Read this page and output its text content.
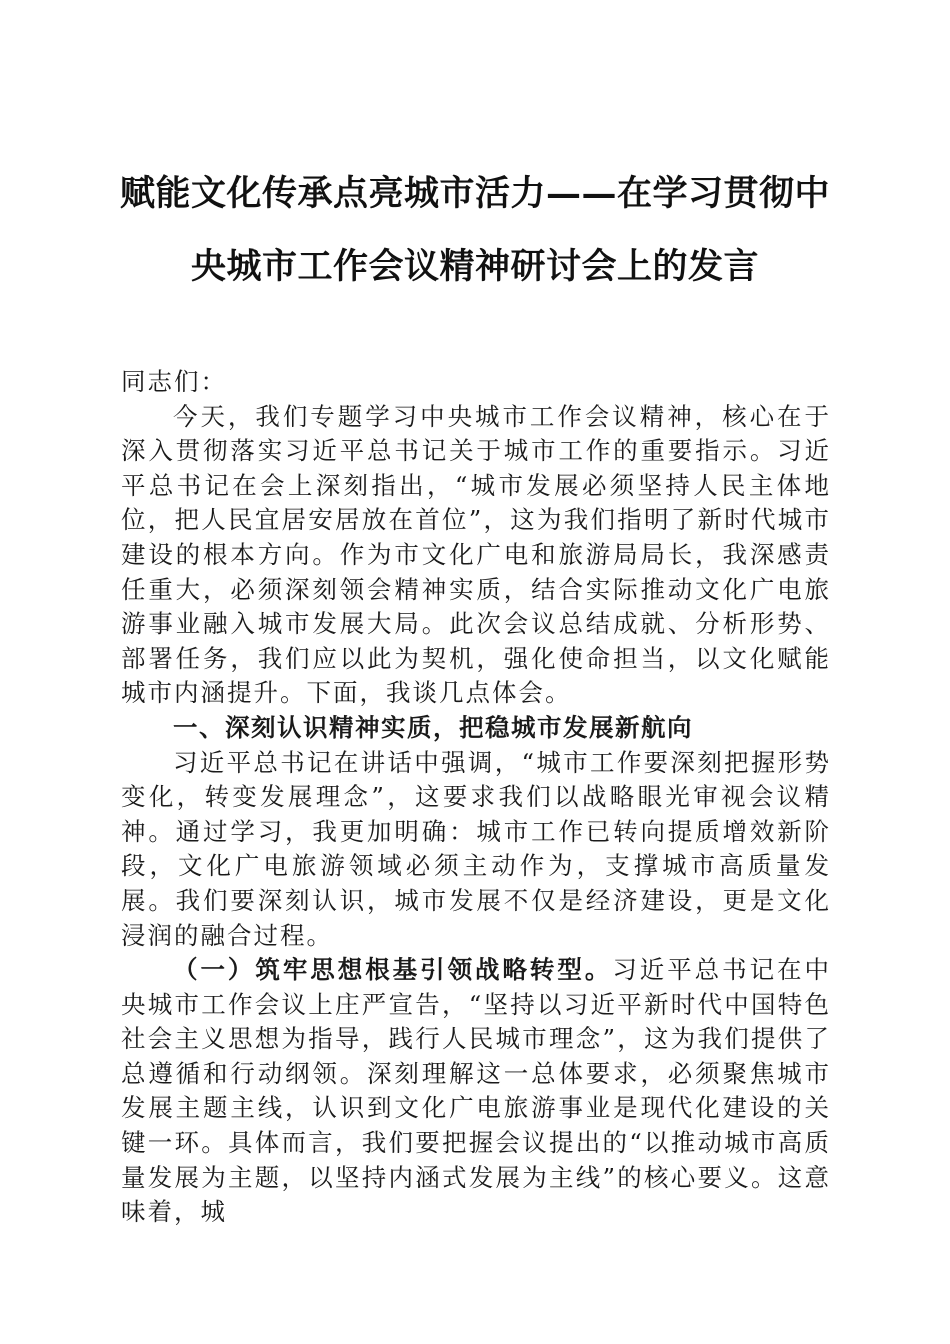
赋能文化传承点亮城市活力——在学习贯彻中
央城市工作会议精神研讨会上的发言

同志们：

今天，我们专题学习中央城市工作会议精神，核心在于深入贯彻落实习近平总书记关于城市工作的重要指示。习近平总书记在会上深刻指出，“城市发展必须坚持人民主体地位，把人民宜居安居放在首位”，这为我们指明了新时代城市建设的根本方向。作为市文化广电和旅游局局长，我深感责任重大，必须深刻领会精神实质，结合实际推动文化广电旅游事业融入城市发展大局。此次会议总结成就、分析形势、部署任务，我们应以此为契机，强化使命担当，以文化赋能城市内涵提升。下面，我谈几点体会。

一、深刻认识精神实质，把稳城市发展新航向

习近平总书记在讲话中强调，“城市工作要深刻把握形势变化，转变发展理念”，这要求我们以战略眼光审视会议精神。通过学习，我更加明确：城市工作已转向提质增效新阶段，文化广电旅游领域必须主动作为，支撑城市高质量发展。我们要深刻认识，城市发展不仅是经济建设，更是文化浸润的融合过程。

（一）筑牢思想根基引领战略转型。习近平总书记在中央城市工作会议上庄严宣告，“坚持以习近平新时代中国特色社会主义思想为指导，践行人民城市理念”，这为我们提供了总遵循和行动纲领。深刻理解这一总体要求，必须聚焦城市发展主题主线，认识到文化广电旅游事业是现代化建设的关键一环。具体而言，我们要把握会议提出的“以推动城市高质量发展为主题，以坚持内涵式发展为主线”的核心要义。这意味着，城
